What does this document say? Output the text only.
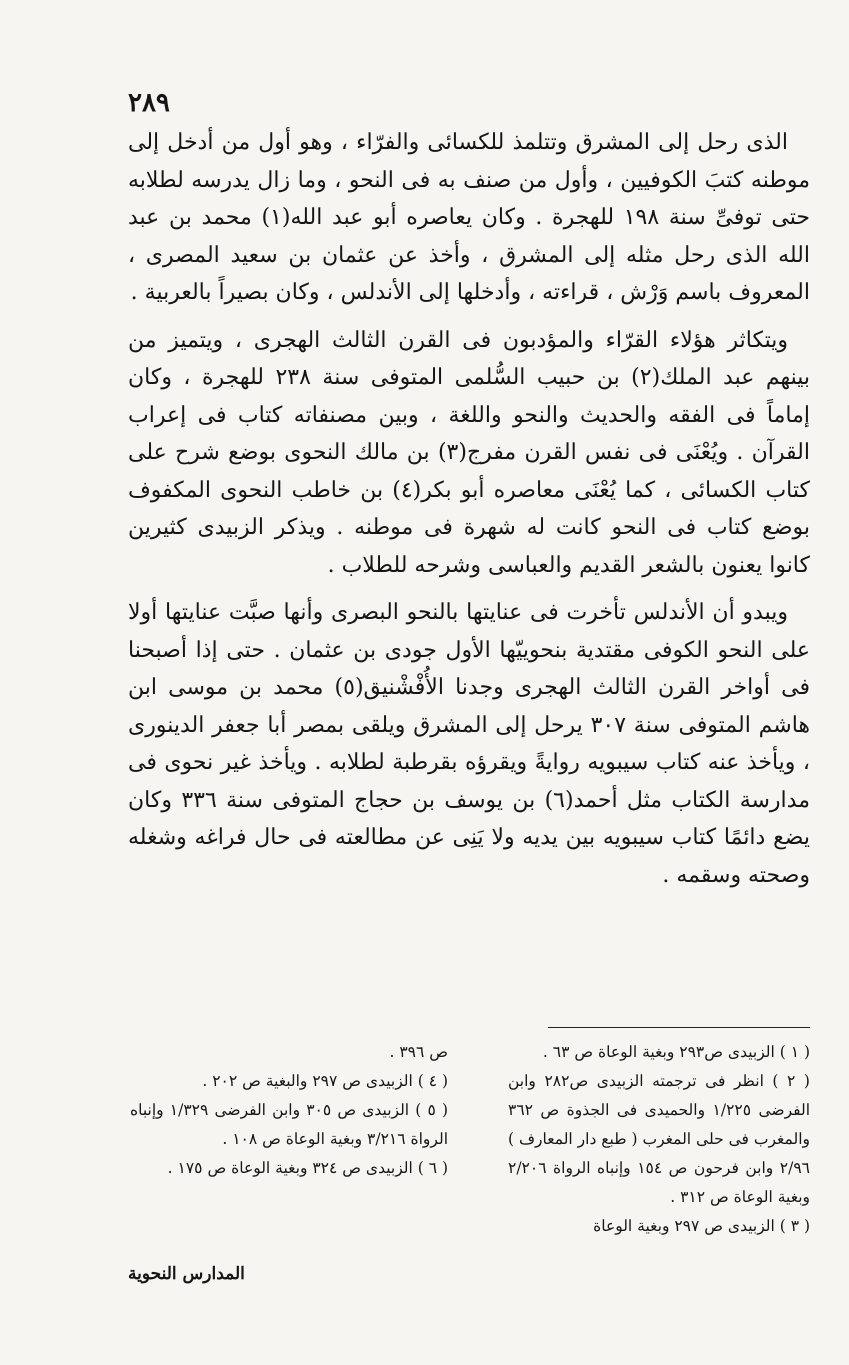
٢٨٩

الذى رحل إلى المشرق وتتلمذ للكسائى والفرّاء ، وهو أول من أدخل إلى موطنه كتبَ الكوفيين ، وأول من صنف به فى النحو ، وما زال يدرسه لطلابه حتى توفىِّ سنة ١٩٨ للهجرة . وكان يعاصره أبو عبد الله(١) محمد بن عبد الله الذى رحل مثله إلى المشرق ، وأخذ عن عثمان بن سعيد المصرى ، المعروف باسم وَرْش ، قراءته ، وأدخلها إلى الأندلس ، وكان بصيراً بالعربية .

ويتكاثر هؤلاء القرّاء والمؤدبون فى القرن الثالث الهجرى ، ويتميز من بينهم عبد الملك(٢) بن حبيب السُّلمى المتوفى سنة ٢٣٨ للهجرة ، وكان إماماً فى الفقه والحديث والنحو واللغة ، وبين مصنفاته كتاب فى إعراب القرآن . ويُعْنَى فى نفس القرن مفرج(٣) بن مالك النحوى بوضع شرح على كتاب الكسائى ، كما يُعْنَى معاصره أبو بكر(٤) بن خاطب النحوى المكفوف بوضع كتاب فى النحو كانت له شهرة فى موطنه . ويذكر الزبيدى كثيرين كانوا يعنون بالشعر القديم والعباسى وشرحه للطلاب .

ويبدو أن الأندلس تأخرت فى عنايتها بالنحو البصرى وأنها صبَّت عنايتها أولا على النحو الكوفى مقتدية بنحوييّها الأول جودى بن عثمان . حتى إذا أصبحنا فى أواخر القرن الثالث الهجرى وجدنا الأُفْشْنيق(٥) محمد بن موسى ابن هاشم المتوفى سنة ٣٠٧ يرحل إلى المشرق ويلقى بمصر أبا جعفر الدينورى ، ويأخذ عنه كتاب سيبويه روايةً ويقرؤه بقرطبة لطلابه . ويأخذ غير نحوى فى مدارسة الكتاب مثل أحمد(٦) بن يوسف بن حجاج المتوفى سنة ٣٣٦ وكان يضع دائمًا كتاب سيبويه بين يديه ولا يَنِى عن مطالعته فى حال فراغه وشغله وصحته وسقمه .

( ١ ) الزبيدى ص٢٩٣ وبغية الوعاة ص ٦٣ .
( ٢ ) انظر فى ترجمته الزبيدى ص٢٨٢ وابن الفرضى ١/٢٢٥ والحميدى فى الجذوة ص ٣٦٢ والمغرب فى حلى المغرب ( طبع دار المعارف ) ٢/٩٦ وابن فرحون ص ١٥٤ وإنباه الرواة ٢/٢٠٦ وبغية الوعاة ص ٣١٢ .
( ٣ ) الزبيدى ص ٢٩٧ وبغية الوعاة
ص ٣٩٦ .
( ٤ ) الزبيدى ص ٢٩٧ والبغية ص ٢٠٢ .
( ٥ ) الزبيدى ص ٣٠٥ وابن الفرضى ١/٣٢٩ وإنباه الرواة ٣/٢١٦ وبغية الوعاة ص ١٠٨ .
( ٦ ) الزبيدى ص ٣٢٤ وبغية الوعاة ص ١٧٥ .
المدارس النحوية
